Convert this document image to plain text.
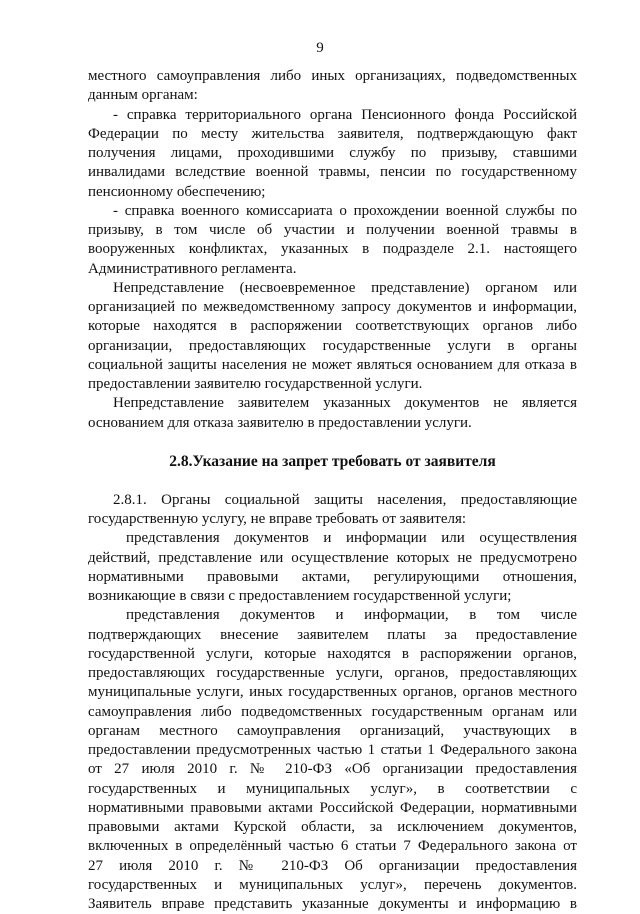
9
местного самоуправления либо иных организациях, подведомственных
данным органам:
- справка территориального органа Пенсионного фонда Российской
Федерации по месту жительства заявителя, подтверждающую факт
получения лицами, проходившими службу по призыву, ставшими
инвалидами вследствие военной травмы, пенсии по государственному
пенсионному обеспечению;
- справка военного комиссариата о прохождении военной службы по
призыву, в том числе об участии и получении военной травмы в
вооруженных конфликтах, указанных в подразделе 2.1. настоящего
Административного регламента.
Непредставление (несвоевременное представление) органом или
организацией по межведомственному запросу документов и информации,
которые находятся в распоряжении соответствующих органов либо
организации, предоставляющих государственные услуги в органы
социальной защиты населения не может являться основанием для отказа в
предоставлении заявителю государственной услуги.
Непредставление заявителем указанных документов не является
основанием для отказа заявителю в предоставлении услуги.
2.8.Указание на запрет требовать от заявителя
2.8.1. Органы социальной защиты населения, предоставляющие
государственную услугу, не вправе требовать от заявителя:
представления документов и информации или осуществления
действий, представление или осуществление которых не предусмотрено
нормативными правовыми актами, регулирующими отношения,
возникающие в связи с предоставлением государственной услуги;
представления документов и информации, в том числе
подтверждающих внесение заявителем платы за предоставление
государственной услуги, которые находятся в распоряжении органов,
предоставляющих государственные услуги, органов, предоставляющих
муниципальные услуги, иных государственных органов, органов местного
самоуправления либо подведомственных государственным органам или
органам местного самоуправления организаций, участвующих в
предоставлении предусмотренных частью 1 статьи 1 Федерального закона
от 27 июля 2010 г. № 210-ФЗ «Об организации предоставления
государственных и муниципальных услуг», в соответствии с
нормативными правовыми актами Российской Федерации, нормативными
правовыми актами Курской области, за исключением документов,
включенных в определённый частью 6 статьи 7 Федерального закона от
27 июля 2010 г. № 210-ФЗ Об организации предоставления
государственных и муниципальных услуг», перечень документов.
Заявитель вправе представить указанные документы и информацию в
